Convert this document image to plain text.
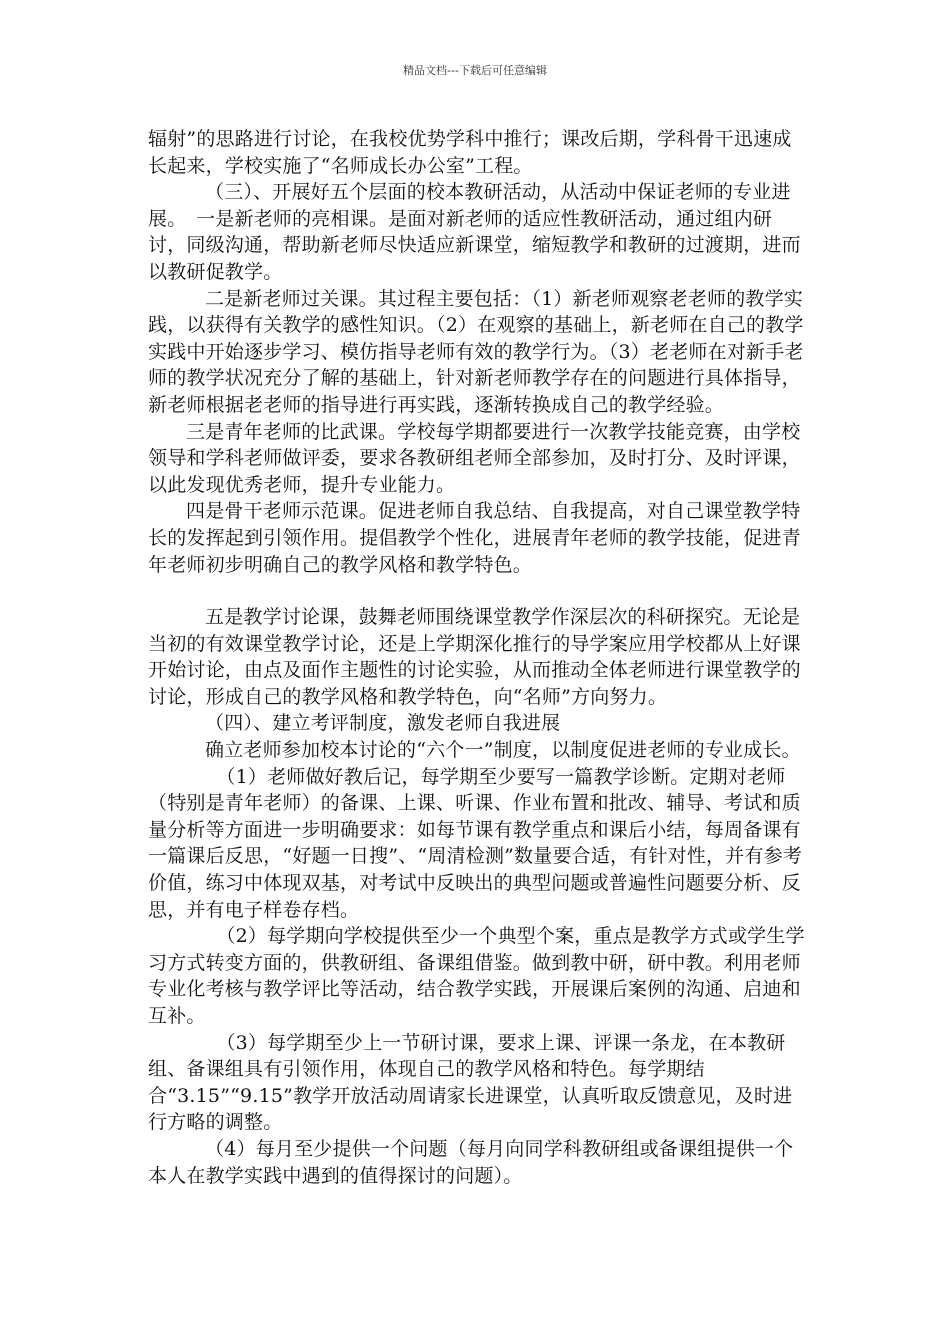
精品文档---下载后可任意编辑

辐射”的思路进行讨论，在我校优势学科中推行；课改后期，学科骨干迅速成长起来，学校实施了“名师成长办公室”工程。

（三）、开展好五个层面的校本教研活动，从活动中保证老师的专业进展。　一是新老师的亮相课。是面对新老师的适应性教研活动，通过组内研讨，同级沟通，帮助新老师尽快适应新课堂，缩短教学和教研的过渡期，进而以教研促教学。

二是新老师过关课。其过程主要包括：（1）新老师观察老老师的教学实践，以获得有关教学的感性知识。（2）在观察的基础上，新老师在自己的教学实践中开始逐步学习、模仿指导老师有效的教学行为。（3）老老师在对新手老师的教学状况充分了解的基础上，针对新老师教学存在的问题进行具体指导，新老师根据老老师的指导进行再实践，逐渐转换成自己的教学经验。

三是青年老师的比武课。学校每学期都要进行一次教学技能竞赛，由学校领导和学科老师做评委，要求各教研组老师全部参加，及时打分、及时评课，以此发现优秀老师，提升专业能力。

四是骨干老师示范课。促进老师自我总结、自我提高，对自己课堂教学特长的发挥起到引领作用。提倡教学个性化，进展青年老师的教学技能，促进青年老师初步明确自己的教学风格和教学特色。

五是教学讨论课，鼓舞老师围绕课堂教学作深层次的科研探究。无论是当初的有效课堂教学讨论，还是上学期深化推行的导学案应用学校都从上好课开始讨论，由点及面作主题性的讨论实验，从而推动全体老师进行课堂教学的讨论，形成自己的教学风格和教学特色，向“名师”方向努力。

（四）、建立考评制度，激发老师自我进展

确立老师参加校本讨论的“六个一”制度，以制度促进老师的专业成长。

（1）老师做好教后记，每学期至少要写一篇教学诊断。定期对老师（特别是青年老师）的备课、上课、听课、作业布置和批改、辅导、考试和质量分析等方面进一步明确要求：如每节课有教学重点和课后小结，每周备课有一篇课后反思，“好题一日搜”、“周清检测”数量要合适，有针对性，并有参考价值，练习中体现双基，对考试中反映出的典型问题或普遍性问题要分析、反思，并有电子样卷存档。

（2）每学期向学校提供至少一个典型个案，重点是教学方式或学生学习方式转变方面的，供教研组、备课组借鉴。做到教中研，研中教。利用老师专业化考核与教学评比等活动，结合教学实践，开展课后案例的沟通、启迪和互补。

（3）每学期至少上一节研讨课，要求上课、评课一条龙，在本教研组、备课组具有引领作用，体现自己的教学风格和特色。每学期结合“3.15”“9.15”教学开放活动周请家长进课堂，认真听取反馈意见，及时进行方略的调整。

（4）每月至少提供一个问题（每月向同学科教研组或备课组提供一个本人在教学实践中遇到的值得探讨的问题）。
